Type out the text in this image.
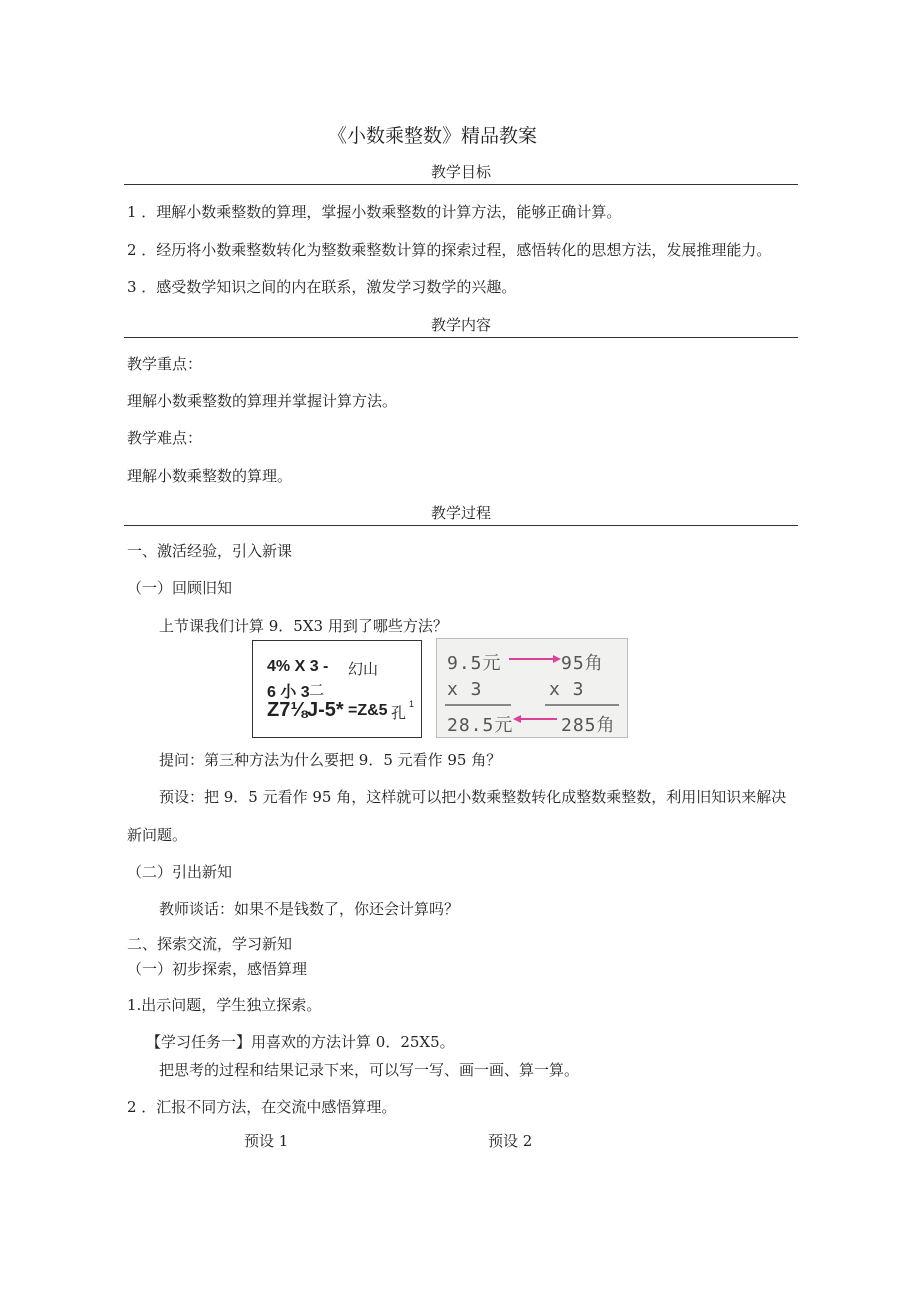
《小数乘整数》精品教案
教学目标
1 ．理解小数乘整数的算理，掌握小数乘整数的计算方法，能够正确计算。
2 ．经历将小数乘整数转化为整数乘整数计算的探索过程，感悟转化的思想方法，发展推理能力。
3 ．感受数学知识之间的内在联系，激发学习数学的兴趣。
教学内容
教学重点：
理解小数乘整数的算理并掌握计算方法。
教学难点：
理解小数乘整数的算理。
教学过程
一、激活经验，引入新课
（一）回顾旧知
上节课我们计算 9．5X3 用到了哪些方法？
4% X 3 - 幻山
6 小 3 二
Z7⅛J-5* =Z&5 孔
1
9.5元	95角
x 3	x 3
28.5元	285角
提问：第三种方法为什么要把 9．5 元看作 95 角？
预设：把 9．5 元看作 95 角，这样就可以把小数乘整数转化成整数乘整数，利用旧知识来解决
新问题。
（二）引出新知
教师谈话：如果不是钱数了，你还会计算吗？
二、探索交流，学习新知
（一）初步探索，感悟算理
1.出示问题，学生独立探索。
【学习任务一】用喜欢的方法计算 0．25X5。
把思考的过程和结果记录下来，可以写一写、画一画、算一算。
2 ．汇报不同方法，在交流中感悟算理。
预设 1	预设 2
